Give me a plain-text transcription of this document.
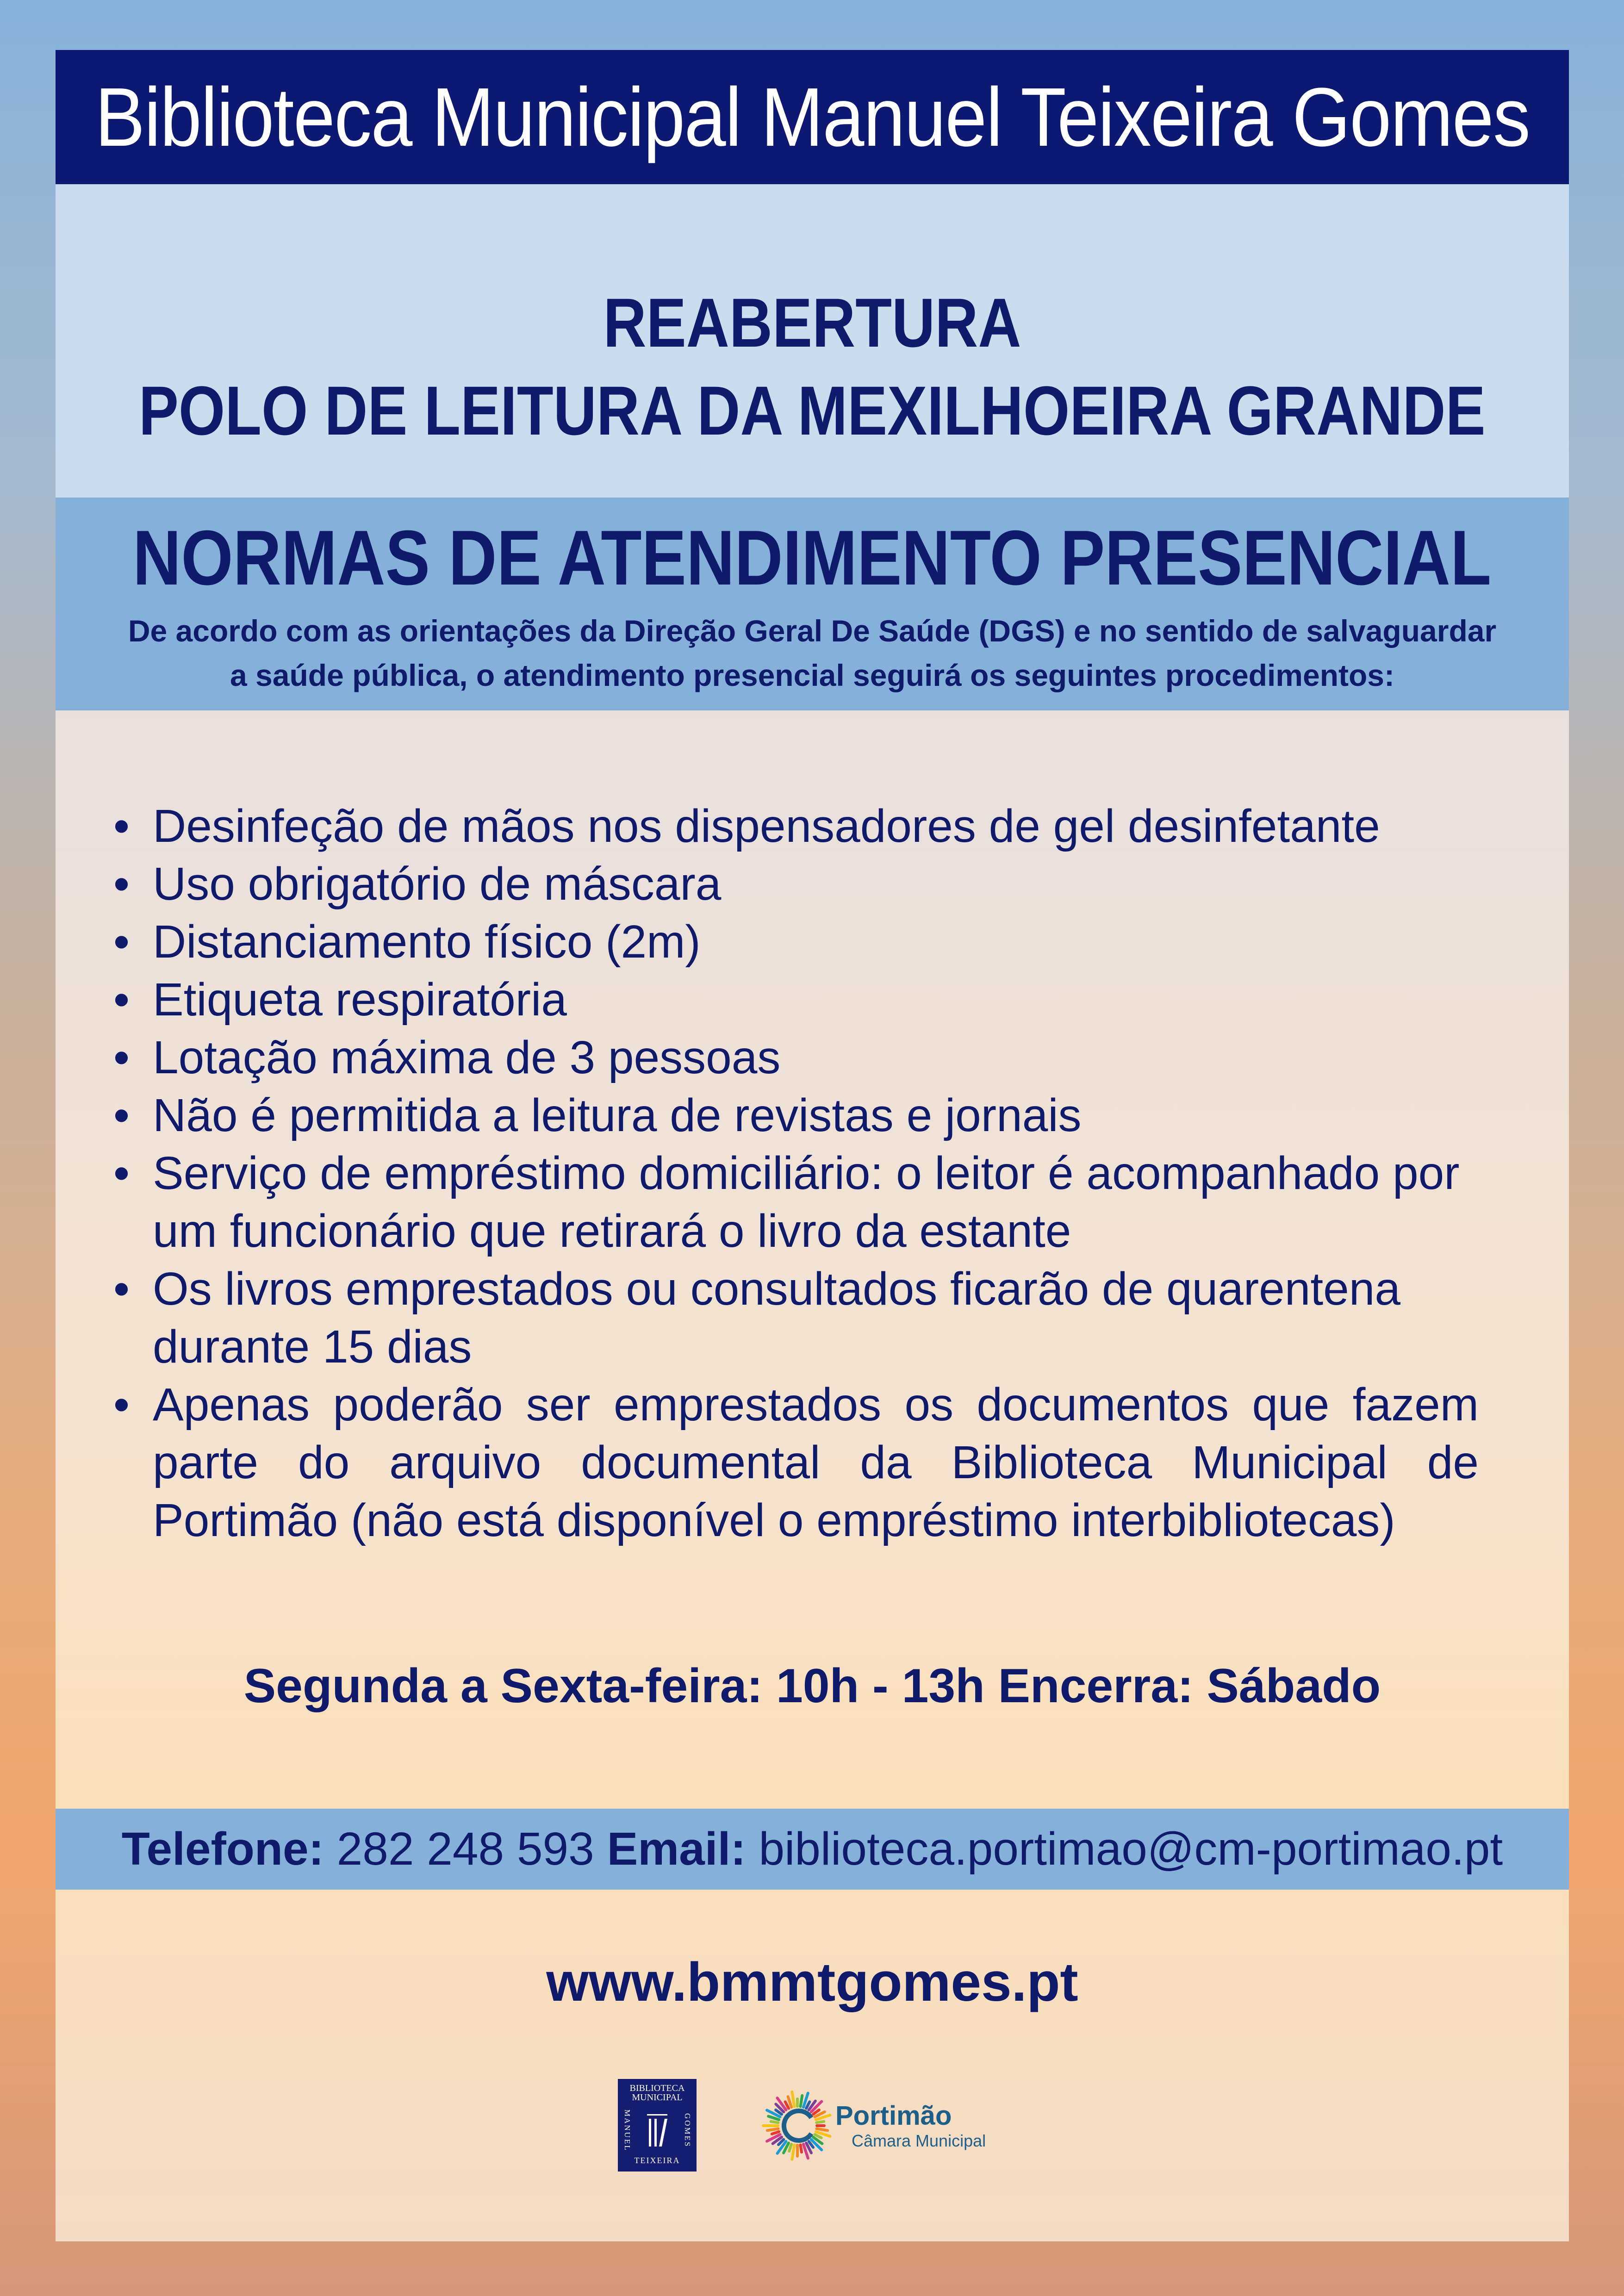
Biblioteca Municipal Manuel Teixeira Gomes
REABERTURA
POLO DE LEITURA DA MEXILHOEIRA GRANDE
NORMAS DE ATENDIMENTO PRESENCIAL
De acordo com as orientações da Direção Geral De Saúde (DGS) e no sentido de salvaguardar a saúde pública, o atendimento presencial seguirá os seguintes procedimentos:
• Desinfeção de mãos nos dispensadores de gel desinfetante
• Uso obrigatório de máscara
• Distanciamento físico (2m)
• Etiqueta respiratória
• Lotação máxima de 3 pessoas
• Não é permitida a leitura de revistas e jornais
• Serviço de empréstimo domiciliário: o leitor é acompanhado por um funcionário que retirará o livro da estante
• Os livros emprestados ou consultados ficarão de quarentena durante 15 dias
• Apenas poderão ser emprestados os documentos que fazem parte do arquivo documental da Biblioteca Municipal de Portimão (não está disponível o empréstimo interbibliotecas)
Segunda a Sexta-feira: 10h - 13h Encerra: Sábado
Telefone:
282 248 593
Email:
biblioteca.portimao@cm-portimao.pt
www.bmmtgomes.pt
BIBLIOTECA MUNICIPAL
MANUEL	GOMES
TEIXEIRA
Portimão
Câmara Municipal
